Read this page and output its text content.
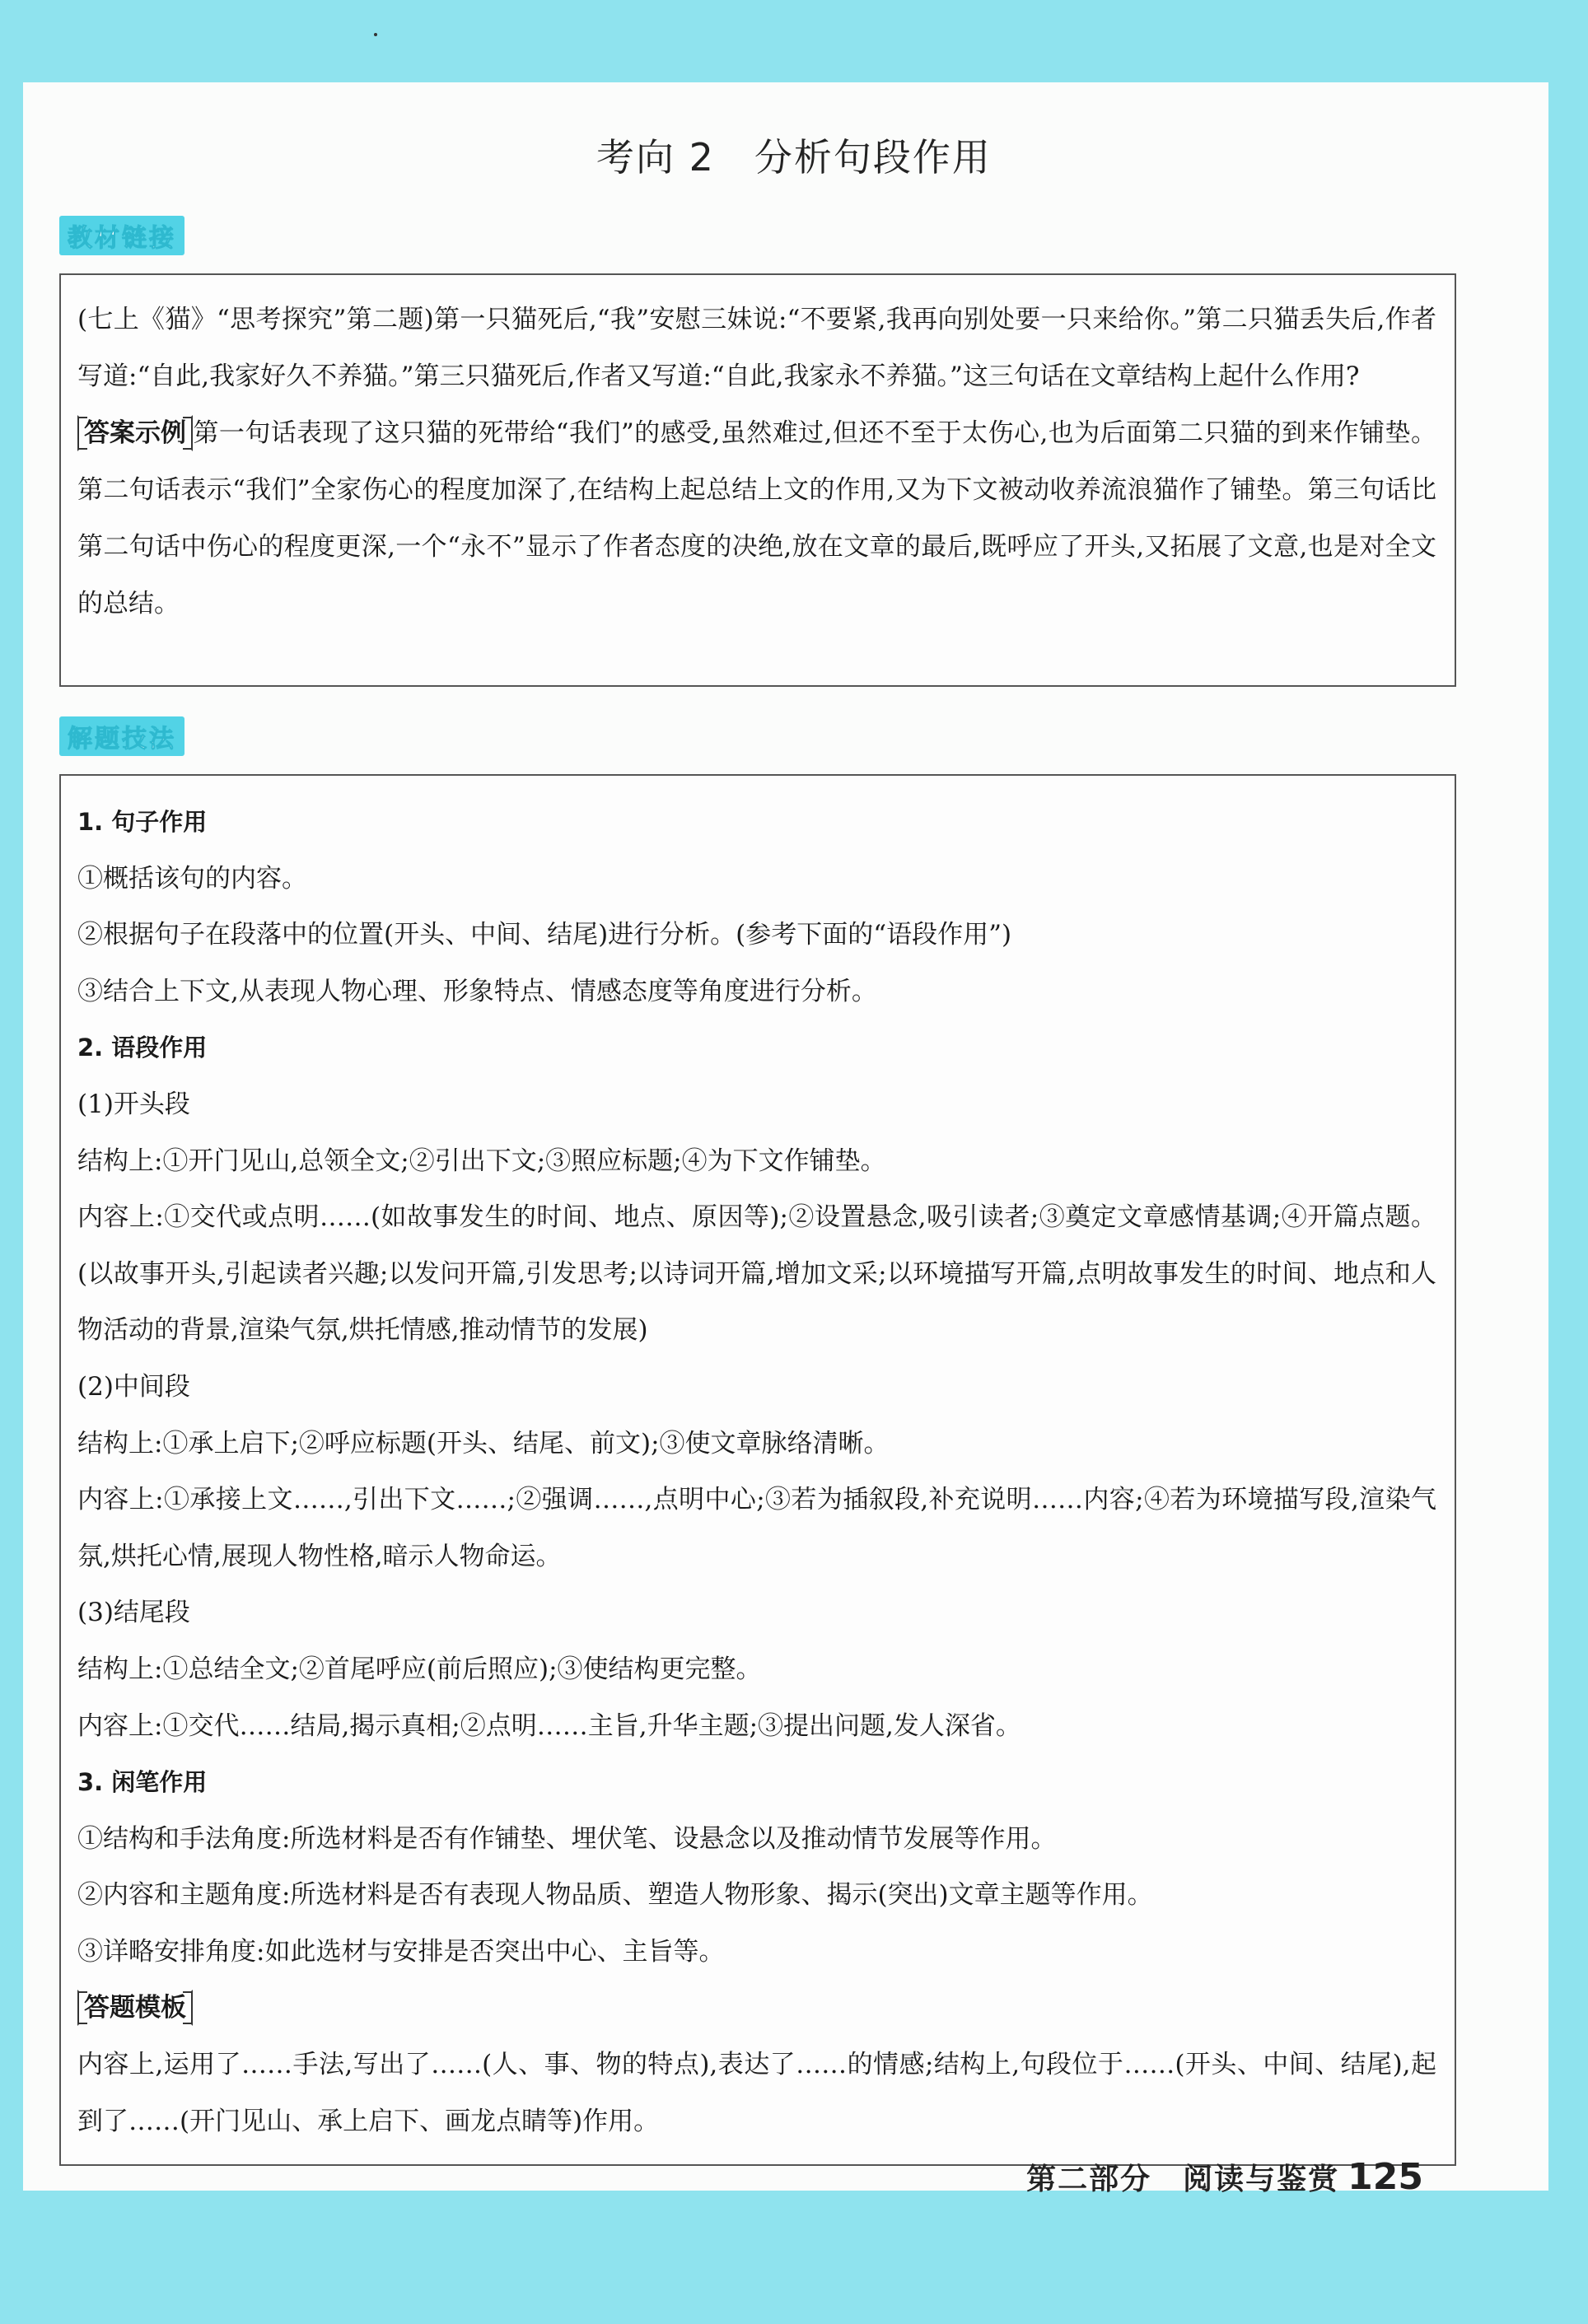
考向 2　分析句段作用
教材链接

(七上《猫》“思考探究”第二题)第一只猫死后,“我”安慰三妹说:“不要紧,我再向别处要一只来给你。”第二只猫丢失后,作者写道:“自此,我家好久不养猫。”第三只猫死后,作者又写道:“自此,我家永不养猫。”这三句话在文章结构上起什么作用?

答案示例 第一句话表现了这只猫的死带给“我们”的感受,虽然难过,但还不至于太伤心,也为后面第二只猫的到来作铺垫。第二句话表示“我们”全家伤心的程度加深了,在结构上起总结上文的作用,又为下文被动收养流浪猫作了铺垫。第三句话比第二句话中伤心的程度更深,一个“永不”显示了作者态度的决绝,放在文章的最后,既呼应了开头,又拓展了文意,也是对全文的总结。

解题技法

1. 句子作用

①概括该句的内容。

②根据句子在段落中的位置(开头、中间、结尾)进行分析。(参考下面的“语段作用”)

③结合上下文,从表现人物心理、形象特点、情感态度等角度进行分析。

2. 语段作用

(1)开头段

结构上:①开门见山,总领全文;②引出下文;③照应标题;④为下文作铺垫。

内容上:①交代或点明……(如故事发生的时间、地点、原因等);②设置悬念,吸引读者;③奠定文章感情基调;④开篇点题。(以故事开头,引起读者兴趣;以发问开篇,引发思考;以诗词开篇,增加文采;以环境描写开篇,点明故事发生的时间、地点和人物活动的背景,渲染气氛,烘托情感,推动情节的发展)

(2)中间段

结构上:①承上启下;②呼应标题(开头、结尾、前文);③使文章脉络清晰。

内容上:①承接上文……,引出下文……;②强调……,点明中心;③若为插叙段,补充说明……内容;④若为环境描写段,渲染气氛,烘托心情,展现人物性格,暗示人物命运。

(3)结尾段

结构上:①总结全文;②首尾呼应(前后照应);③使结构更完整。

内容上:①交代……结局,揭示真相;②点明……主旨,升华主题;③提出问题,发人深省。

3. 闲笔作用

①结构和手法角度:所选材料是否有作铺垫、埋伏笔、设悬念以及推动情节发展等作用。

②内容和主题角度:所选材料是否有表现人物品质、塑造人物形象、揭示(突出)文章主题等作用。

③详略安排角度:如此选材与安排是否突出中心、主旨等。

答题模板

内容上,运用了……手法,写出了……(人、事、物的特点),表达了……的情感;结构上,句段位于……(开头、中间、结尾),起到了……(开门见山、承上启下、画龙点睛等)作用。

第二部分　阅读与鉴赏 125
